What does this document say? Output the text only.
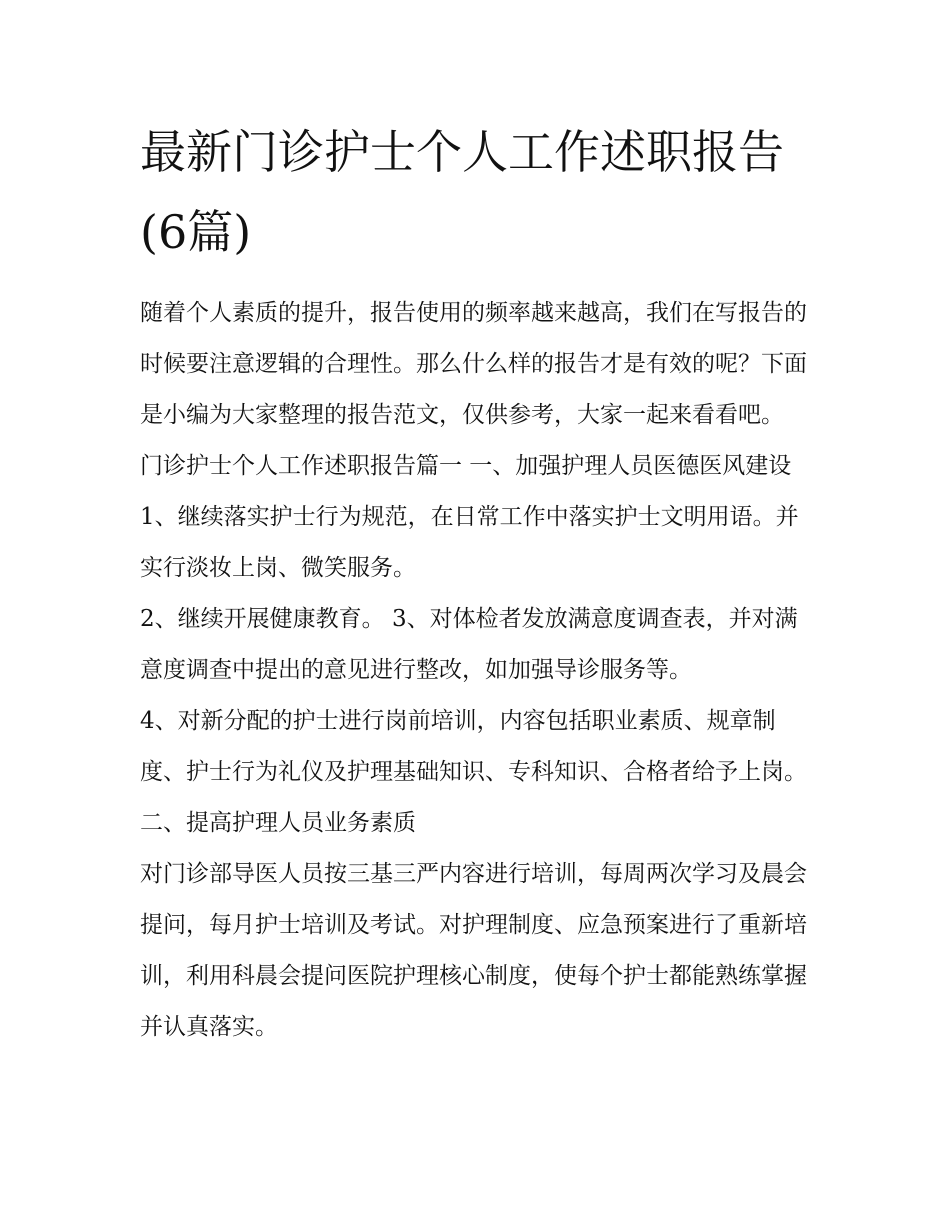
最新门诊护士个人工作述职报告(6篇)

随着个人素质的提升，报告使用的频率越来越高，我们在写报告的时候要注意逻辑的合理性。那么什么样的报告才是有效的呢？下面是小编为大家整理的报告范文，仅供参考，大家一起来看看吧。

门诊护士个人工作述职报告篇一 一、加强护理人员医德医风建设 1、继续落实护士行为规范，在日常工作中落实护士文明用语。并实行淡妆上岗、微笑服务。

2、继续开展健康教育。 3、对体检者发放满意度调查表，并对满意度调查中提出的意见进行整改，如加强导诊服务等。

4、对新分配的护士进行岗前培训，内容包括职业素质、规章制度、护士行为礼仪及护理基础知识、专科知识、合格者给予上岗。 二、提高护理人员业务素质

对门诊部导医人员按三基三严内容进行培训，每周两次学习及晨会提问，每月护士培训及考试。对护理制度、应急预案进行了重新培训，利用科晨会提问医院护理核心制度，使每个护士都能熟练掌握并认真落实。
